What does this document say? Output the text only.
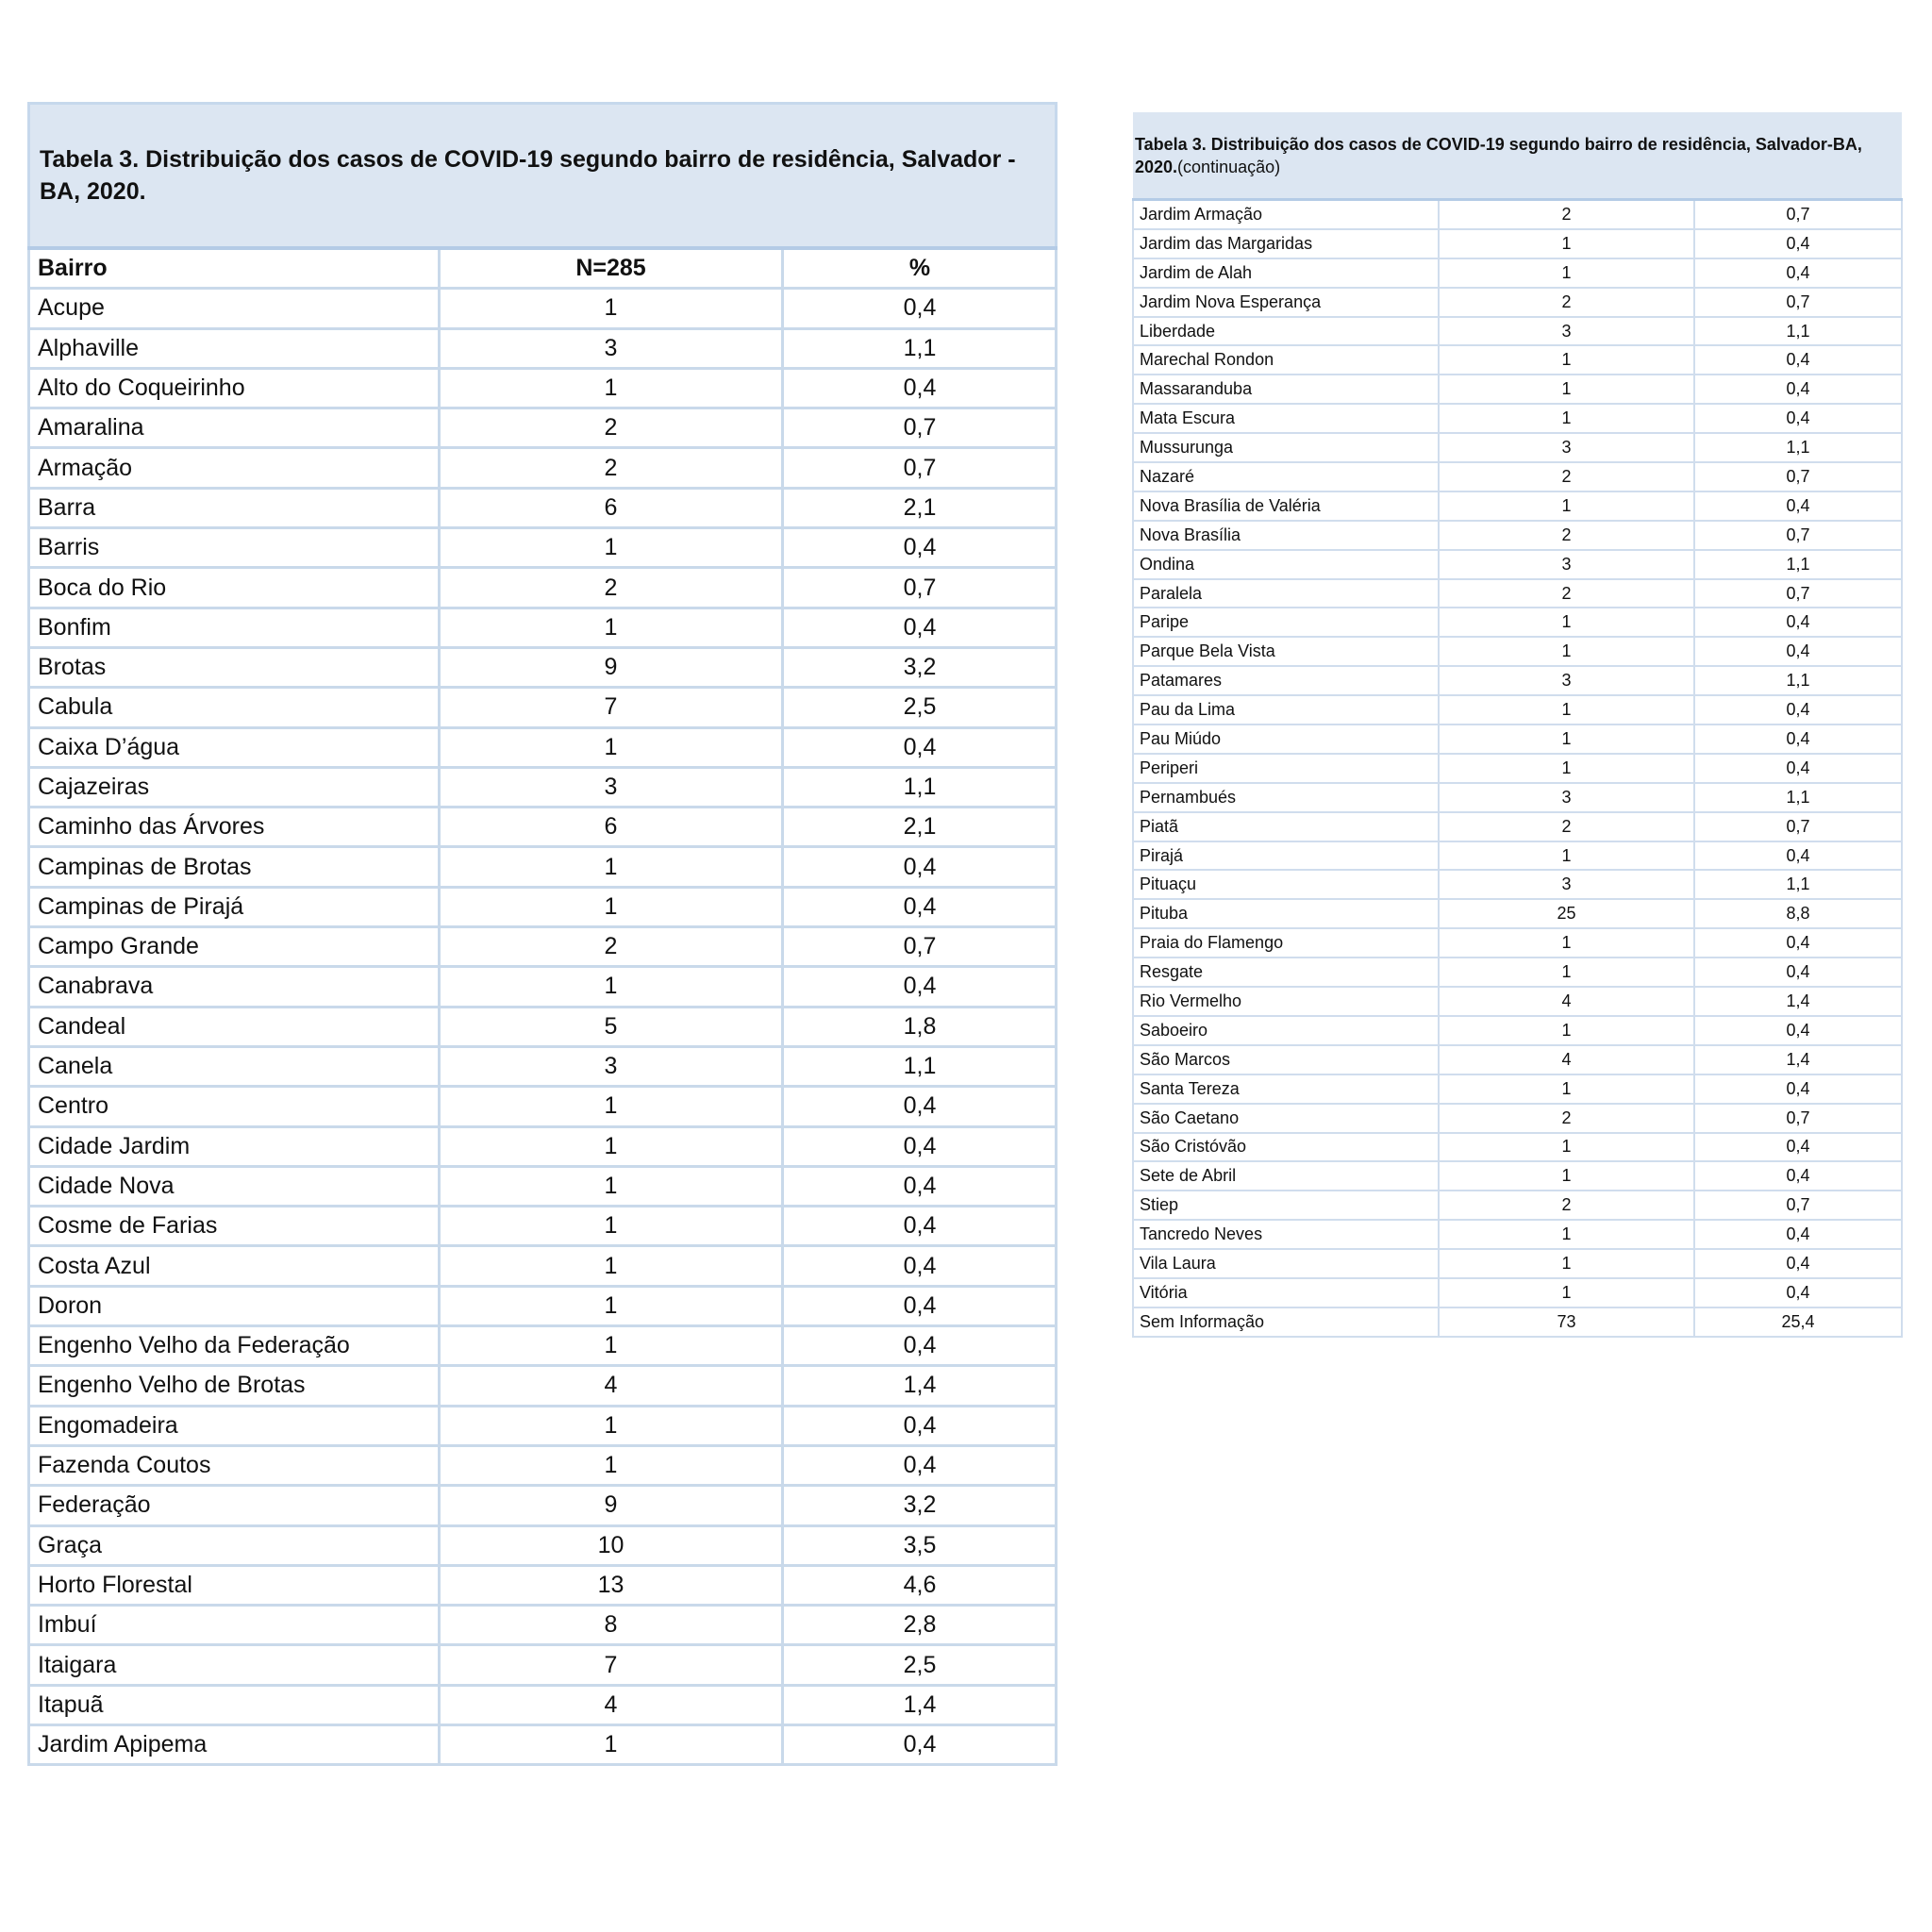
Tabela 3. Distribuição dos casos de COVID-19 segundo bairro de residência, Salvador - BA, 2020.		
Bairro	N=285	%
Acupe	1	0,4
Alphaville	3	1,1
Alto do Coqueirinho	1	0,4
Amaralina	2	0,7
Armação	2	0,7
Barra	6	2,1
Barris	1	0,4
Boca do Rio	2	0,7
Bonfim	1	0,4
Brotas	9	3,2
Cabula	7	2,5
Caixa D’água	1	0,4
Cajazeiras	3	1,1
Caminho das Árvores	6	2,1
Campinas de Brotas	1	0,4
Campinas de Pirajá	1	0,4
Campo Grande	2	0,7
Canabrava	1	0,4
Candeal	5	1,8
Canela	3	1,1
Centro	1	0,4
Cidade Jardim	1	0,4
Cidade Nova	1	0,4
Cosme de Farias	1	0,4
Costa Azul	1	0,4
Doron	1	0,4
Engenho Velho da Federação	1	0,4
Engenho Velho de Brotas	4	1,4
Engomadeira	1	0,4
Fazenda Coutos	1	0,4
Federação	9	3,2
Graça	10	3,5
Horto Florestal	13	4,6
Imbuí	8	2,8
Itaigara	7	2,5
Itapuã	4	1,4
Jardim Apipema	1	0,4
Tabela 3. Distribuição dos casos de COVID-19 segundo bairro de residência, Salvador-BA, 2020.(continuação)		
Jardim Armação	2	0,7
Jardim das Margaridas	1	0,4
Jardim de Alah	1	0,4
Jardim Nova Esperança	2	0,7
Liberdade	3	1,1
Marechal Rondon	1	0,4
Massaranduba	1	0,4
Mata Escura	1	0,4
Mussurunga	3	1,1
Nazaré	2	0,7
Nova Brasília de Valéria	1	0,4
Nova Brasília	2	0,7
Ondina	3	1,1
Paralela	2	0,7
Paripe	1	0,4
Parque Bela Vista	1	0,4
Patamares	3	1,1
Pau da Lima	1	0,4
Pau Miúdo	1	0,4
Periperi	1	0,4
Pernambués	3	1,1
Piatã	2	0,7
Pirajá	1	0,4
Pituaçu	3	1,1
Pituba	25	8,8
Praia do Flamengo	1	0,4
Resgate	1	0,4
Rio Vermelho	4	1,4
Saboeiro	1	0,4
São Marcos	4	1,4
Santa Tereza	1	0,4
São Caetano	2	0,7
São Cristóvão	1	0,4
Sete de Abril	1	0,4
Stiep	2	0,7
Tancredo Neves	1	0,4
Vila Laura	1	0,4
Vitória	1	0,4
Sem Informação	73	25,4
